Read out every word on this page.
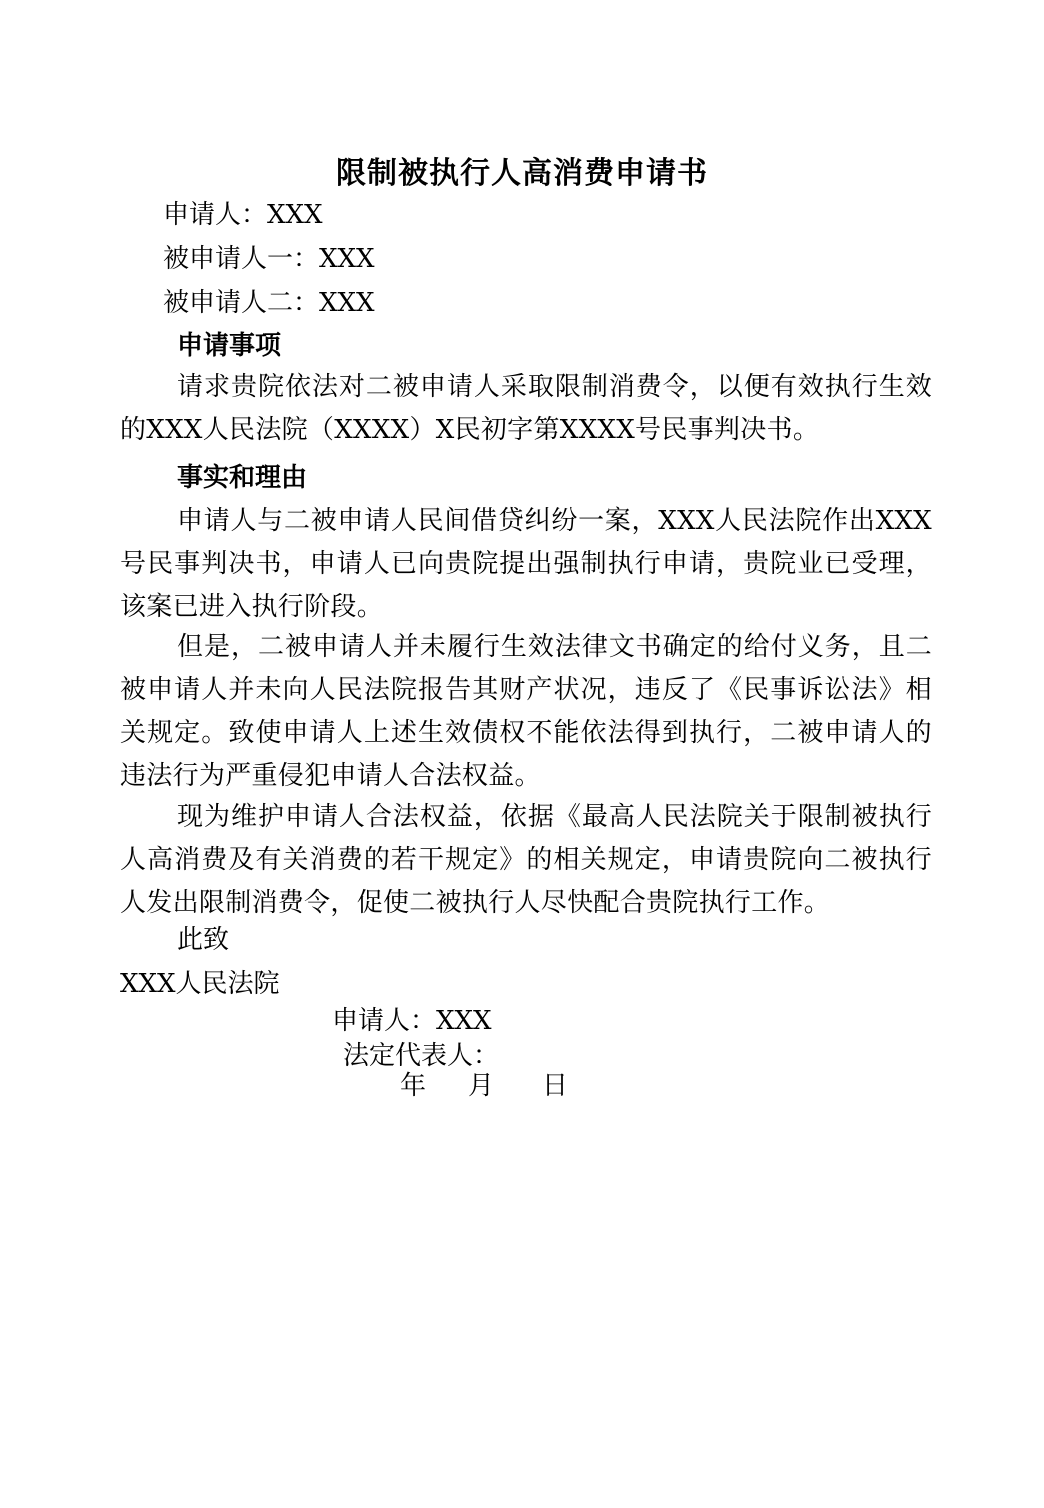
限制被执行人高消费申请书
申请人：XXX
被申请人一：XXX
被申请人二：XXX
申请事项
请求贵院依法对二被申请人采取限制消费令，以便有效执行生效的XXX人民法院（XXXX）X民初字第XXXX号民事判决书。
事实和理由
申请人与二被申请人民间借贷纠纷一案，XXX人民法院作出XXX号民事判决书，申请人已向贵院提出强制执行申请，贵院业已受理，该案已进入执行阶段。
但是，二被申请人并未履行生效法律文书确定的给付义务，且二被申请人并未向人民法院报告其财产状况，违反了《民事诉讼法》相关规定。致使申请人上述生效债权不能依法得到执行，二被申请人的违法行为严重侵犯申请人合法权益。
现为维护申请人合法权益，依据《最高人民法院关于限制被执行人高消费及有关消费的若干规定》的相关规定，申请贵院向二被执行人发出限制消费令，促使二被执行人尽快配合贵院执行工作。
此致
XXX人民法院
申请人：XXX
法定代表人：
年 月 日
